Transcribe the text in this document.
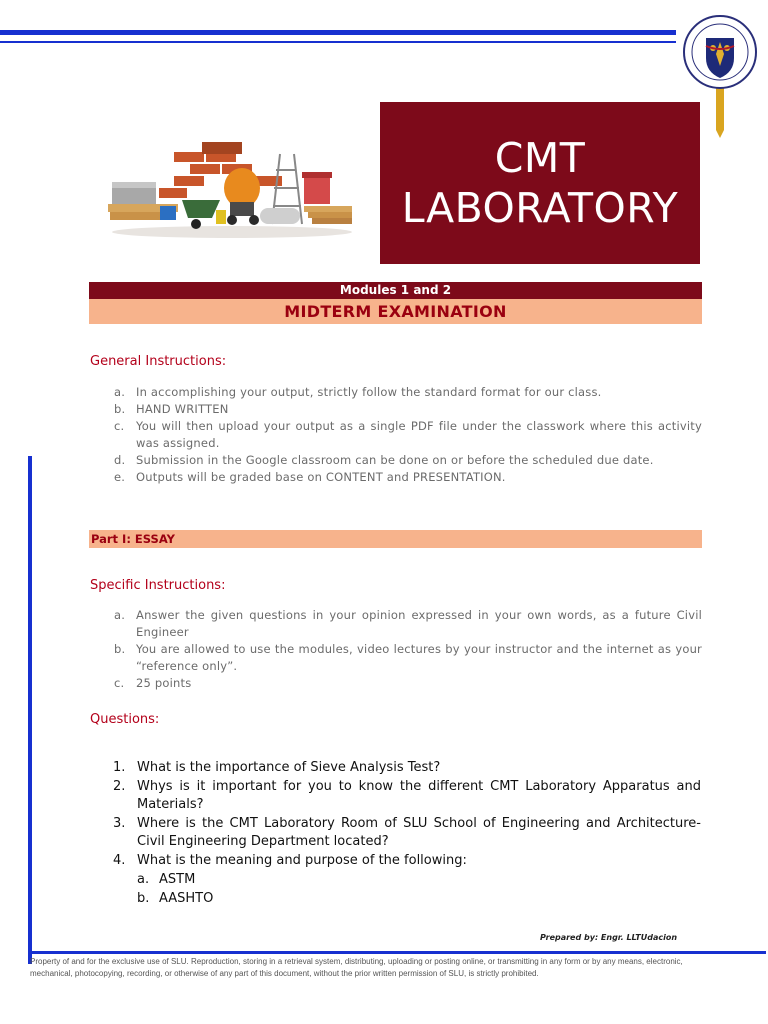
CMT
LABORATORY
Modules 1 and 2
MIDTERM EXAMINATION
General Instructions:
a. In accomplishing your output, strictly follow the standard format for our class.
b. HAND WRITTEN
c. You will then upload your output as a single PDF file under the classwork where this activity was assigned.
d. Submission in the Google classroom can be done on or before the scheduled due date.
e. Outputs will be graded base on CONTENT and PRESENTATION.
Part I: ESSAY
Specific Instructions:
a. Answer the given questions in your opinion expressed in your own words, as a future Civil Engineer
b. You are allowed to use the modules, video lectures by your instructor and the internet as your “reference only”.
c. 25 points
Questions:
1. What is the importance of Sieve Analysis Test?
2. Whys is it important for you to know the different CMT Laboratory Apparatus and Materials?
3. Where is the CMT Laboratory Room of SLU School of Engineering and Architecture-Civil Engineering Department located?
4. What is the meaning and purpose of the following:
a. ASTM
b. AASHTO
Prepared by: Engr. LLTUdacion
Property of and for the exclusive use of SLU. Reproduction, storing in a retrieval system, distributing, uploading or posting online, or transmitting in any form or by any means, electronic, mechanical, photocopying, recording, or otherwise of any part of this document, without the prior written permission of SLU, is strictly prohibited.
